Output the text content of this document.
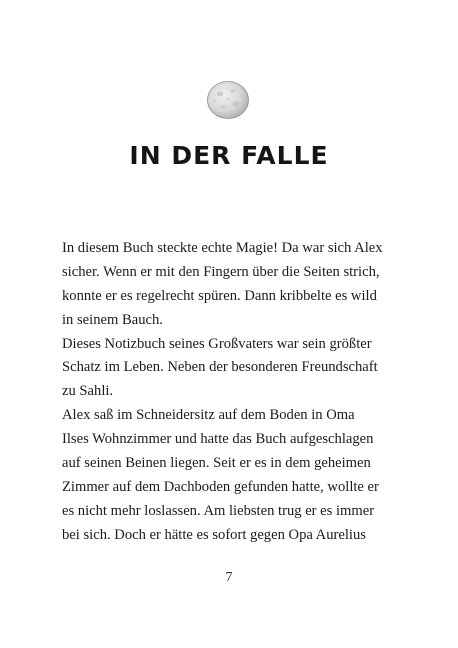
IN DER FALLE
In diesem Buch steckte echte Magie! Da war sich Alex
sicher. Wenn er mit den Fingern über die Seiten strich,
konnte er es regelrecht spüren. Dann kribbelte es wild
in seinem Bauch.
Dieses Notizbuch seines Großvaters war sein größter
Schatz im Leben. Neben der besonderen Freundschaft
zu Sahli.
Alex saß im Schneidersitz auf dem Boden in Oma
Ilses Wohnzimmer und hatte das Buch aufgeschlagen
auf seinen Beinen liegen. Seit er es in dem geheimen
Zimmer auf dem Dachboden gefunden hatte, wollte er
es nicht mehr loslassen. Am liebsten trug er es immer
bei sich. Doch er hätte es sofort gegen Opa Aurelius
7
